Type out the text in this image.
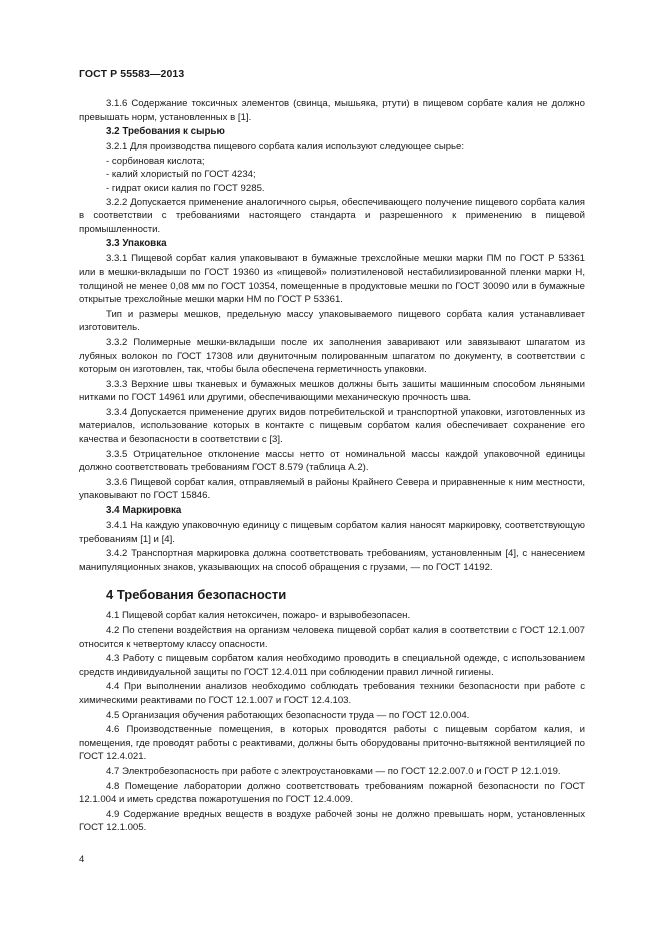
ГОСТ Р 55583—2013

3.1.6 Содержание токсичных элементов (свинца, мышьяка, ртути) в пищевом сорбате калия не должно превышать норм, установленных в [1].

3.2 Требования к сырью

3.2.1 Для производства пищевого сорбата калия используют следующее сырье:

- сорбиновая кислота;

- калий хлористый по ГОСТ 4234;

- гидрат окиси калия по ГОСТ 9285.

3.2.2 Допускается применение аналогичного сырья, обеспечивающего получение пищевого сорбата калия в соответствии с требованиями настоящего стандарта и разрешенного к применению в пищевой промышленности.

3.3 Упаковка

3.3.1 Пищевой сорбат калия упаковывают в бумажные трехслойные мешки марки ПМ по ГОСТ Р 53361 или в мешки-вкладыши по ГОСТ 19360 из «пищевой» полиэтиленовой нестабилизированной пленки марки Н, толщиной не менее 0,08 мм по ГОСТ 10354, помещенные в продуктовые мешки по ГОСТ 30090 или в бумажные открытые трехслойные мешки марки НМ по ГОСТ Р 53361.

Тип и размеры мешков, предельную массу упаковываемого пищевого сорбата калия устанавливает изготовитель.

3.3.2 Полимерные мешки-вкладыши после их заполнения заваривают или завязывают шпагатом из лубяных волокон по ГОСТ 17308 или двуниточным полированным шпагатом по документу, в соответствии с которым он изготовлен, так, чтобы была обеспечена герметичность упаковки.

3.3.3 Верхние швы тканевых и бумажных мешков должны быть зашиты машинным способом льняными нитками по ГОСТ 14961 или другими, обеспечивающими механическую прочность шва.

3.3.4 Допускается применение других видов потребительской и транспортной упаковки, изготовленных из материалов, использование которых в контакте с пищевым сорбатом калия обеспечивает сохранение его качества и безопасности в соответствии с [3].

3.3.5 Отрицательное отклонение массы нетто от номинальной массы каждой упаковочной единицы должно соответствовать требованиям ГОСТ 8.579 (таблица А.2).

3.3.6 Пищевой сорбат калия, отправляемый в районы Крайнего Севера и приравненные к ним местности, упаковывают по ГОСТ 15846.

3.4 Маркировка

3.4.1 На каждую упаковочную единицу с пищевым сорбатом калия наносят маркировку, соответствующую требованиям [1] и [4].

3.4.2 Транспортная маркировка должна соответствовать требованиям, установленным [4], с нанесением манипуляционных знаков, указывающих на способ обращения с грузами, — по ГОСТ 14192.

4 Требования безопасности

4.1 Пищевой сорбат калия нетоксичен, пожаро- и взрывобезопасен.

4.2 По степени воздействия на организм человека пищевой сорбат калия в соответствии с ГОСТ 12.1.007 относится к четвертому классу опасности.

4.3 Работу с пищевым сорбатом калия необходимо проводить в специальной одежде, с использованием средств индивидуальной защиты по ГОСТ 12.4.011 при соблюдении правил личной гигиены.

4.4 При выполнении анализов необходимо соблюдать требования техники безопасности при работе с химическими реактивами по ГОСТ 12.1.007 и ГОСТ 12.4.103.

4.5 Организация обучения работающих безопасности труда — по ГОСТ 12.0.004.

4.6 Производственные помещения, в которых проводятся работы с пищевым сорбатом калия, и помещения, где проводят работы с реактивами, должны быть оборудованы приточно-вытяжной вентиляцией по ГОСТ 12.4.021.

4.7 Электробезопасность при работе с электроустановками — по ГОСТ 12.2.007.0 и ГОСТ Р 12.1.019.

4.8 Помещение лаборатории должно соответствовать требованиям пожарной безопасности по ГОСТ 12.1.004 и иметь средства пожаротушения по ГОСТ 12.4.009.

4.9 Содержание вредных веществ в воздухе рабочей зоны не должно превышать норм, установленных ГОСТ 12.1.005.

4
